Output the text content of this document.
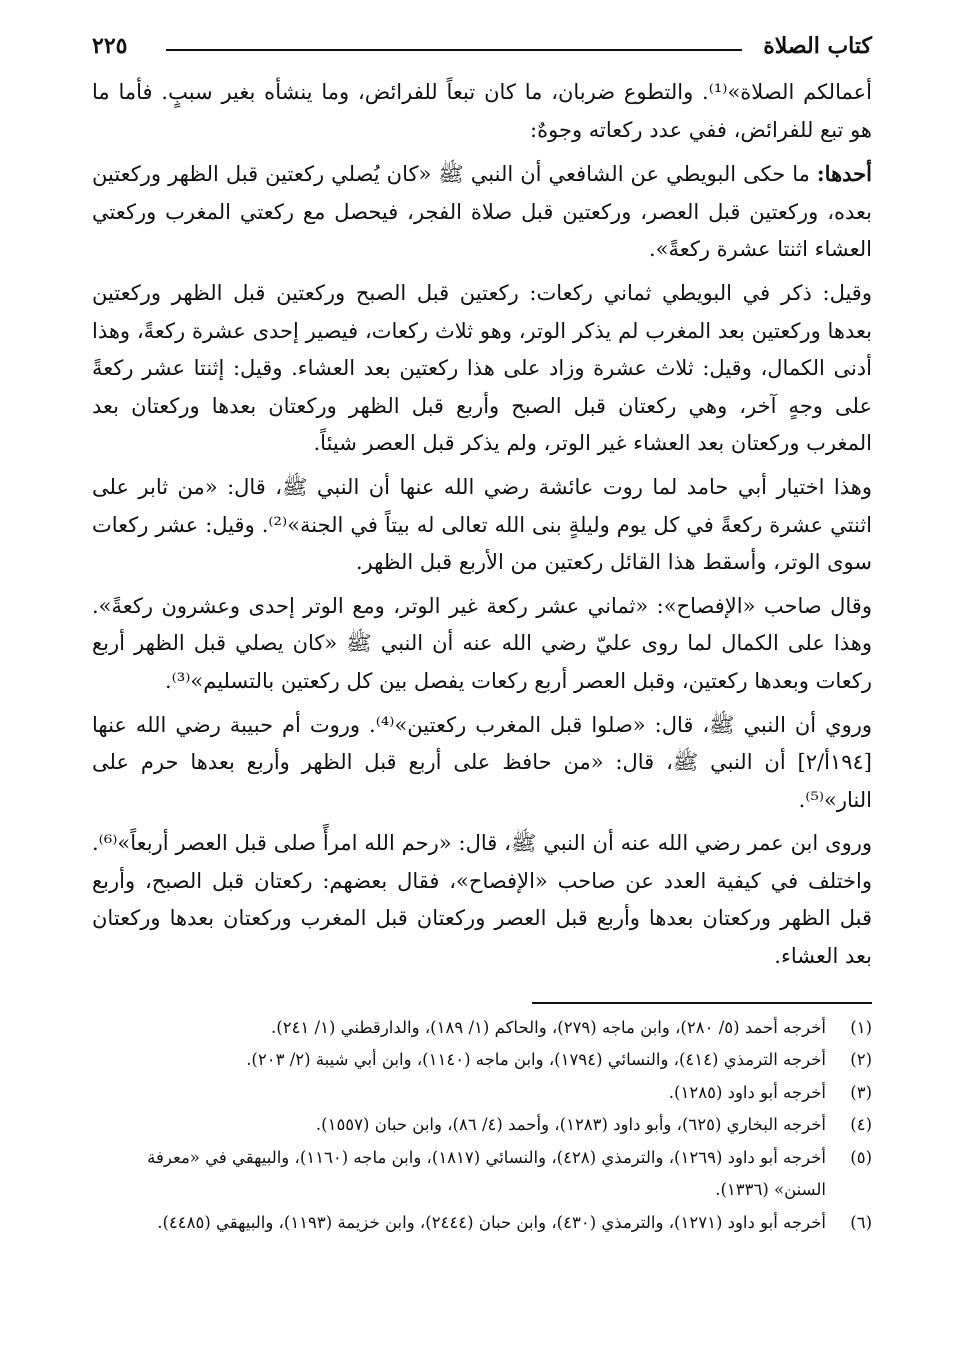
كتاب الصلاة
٢٢٥

أعمالكم الصلاة»⁽¹⁾. والتطوع ضربان، ما كان تبعاً للفرائض، وما ينشأه بغير سببٍ. فأما ما هو تبع للفرائض، ففي عدد ركعاته وجوهٌ:

أحدها: ما حكى البويطي عن الشافعي أن النبي ﷺ «كان يُصلي ركعتين قبل الظهر وركعتين بعده، وركعتين قبل العصر، وركعتين قبل صلاة الفجر، فيحصل مع ركعتي المغرب وركعتي العشاء اثنتا عشرة ركعةً».

وقيل: ذكر في البويطي ثماني ركعات: ركعتين قبل الصبح وركعتين قبل الظهر وركعتين بعدها وركعتين بعد المغرب لم يذكر الوتر، وهو ثلاث ركعات، فيصير إحدى عشرة ركعةً، وهذا أدنى الكمال، وقيل: ثلاث عشرة وزاد على هذا ركعتين بعد العشاء. وقيل: إثنتا عشر ركعةً على وجهٍ آخر، وهي ركعتان قبل الصبح وأربع قبل الظهر وركعتان بعدها وركعتان بعد المغرب وركعتان بعد العشاء غير الوتر، ولم يذكر قبل العصر شيئاً.

وهذا اختيار أبي حامد لما روت عائشة رضي الله عنها أن النبي ﷺ، قال: «من ثابر على اثنتي عشرة ركعةً في كل يوم وليلةٍ بنى الله تعالى له بيتاً في الجنة»⁽²⁾. وقيل: عشر ركعات سوى الوتر، وأسقط هذا القائل ركعتين من الأربع قبل الظهر.

وقال صاحب «الإفصاح»: «ثماني عشر ركعة غير الوتر، ومع الوتر إحدى وعشرون ركعةً». وهذا على الكمال لما روى عليّ رضي الله عنه أن النبي ﷺ «كان يصلي قبل الظهر أربع ركعات وبعدها ركعتين، وقبل العصر أربع ركعات يفصل بين كل ركعتين بالتسليم»⁽³⁾.

وروي أن النبي ﷺ، قال: «صلوا قبل المغرب ركعتين»⁽⁴⁾. وروت أم حبيبة رضي الله عنها [١٩٤أ/٢] أن النبي ﷺ، قال: «من حافظ على أربع قبل الظهر وأربع بعدها حرم على النار»⁽⁵⁾.

وروى ابن عمر رضي الله عنه أن النبي ﷺ، قال: «رحم الله امرأً صلى قبل العصر أربعاً»⁽⁶⁾. واختلف في كيفية العدد عن صاحب «الإفصاح»، فقال بعضهم: ركعتان قبل الصبح، وأربع قبل الظهر وركعتان بعدها وأربع قبل العصر وركعتان قبل المغرب وركعتان بعدها وركعتان بعد العشاء.

(١)
أخرجه أحمد (٥/ ٢٨٠)، وابن ماجه (٢٧٩)، والحاكم (١/ ١٨٩)، والدارقطني (١/ ٢٤١).
(٢)
أخرجه الترمذي (٤١٤)، والنسائي (١٧٩٤)، وابن ماجه (١١٤٠)، وابن أبي شيبة (٢/ ٢٠٣).
(٣)
أخرجه أبو داود (١٢٨٥).
(٤)
أخرجه البخاري (٦٢٥)، وأبو داود (١٢٨٣)، وأحمد (٤/ ٨٦)، وابن حبان (١٥٥٧).
(٥)
أخرجه أبو داود (١٢٦٩)، والترمذي (٤٢٨)، والنسائي (١٨١٧)، وابن ماجه (١١٦٠)، والبيهقي في «معرفة السنن» (١٣٣٦).
(٦)
أخرجه أبو داود (١٢٧١)، والترمذي (٤٣٠)، وابن حبان (٢٤٤٤)، وابن خزيمة (١١٩٣)، والبيهقي (٤٤٨٥).
